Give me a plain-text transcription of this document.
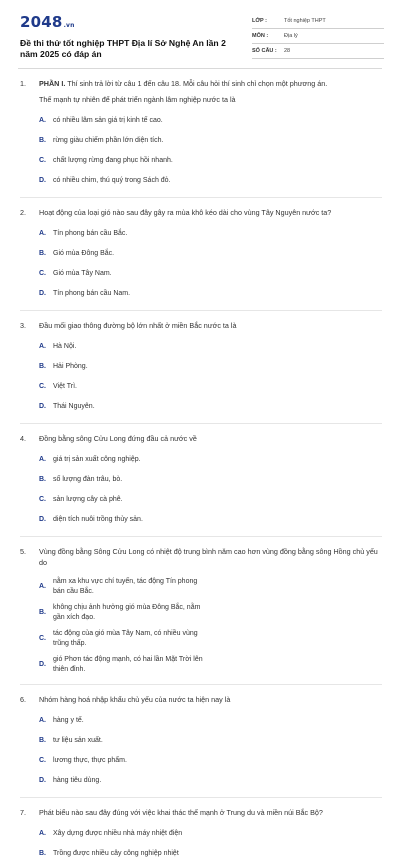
2048.vn
Đề thi thử tốt nghiệp THPT Địa lí Sở Nghệ An lần 2 năm 2025 có đáp án
LỚP :	Tốt nghiệp THPT
MÔN :	Địa lý
SỐ CÂU :	28
1.	PHẦN I. Thí sinh trả lời từ câu 1 đến câu 18. Mỗi câu hỏi thí sinh chỉ chọn một phương án.
Thế mạnh tự nhiên để phát triển ngành lâm nghiệp nước ta là
A.	có nhiều lâm sản giá trị kinh tế cao.
B.	rừng giàu chiếm phần lớn diện tích.
C.	chất lượng rừng đang phục hồi nhanh.
D.	có nhiều chim, thú quý trong Sách đỏ.
2.	Hoạt động của loại gió nào sau đây gây ra mùa khô kéo dài cho vùng Tây Nguyên nước ta?
A.	Tín phong bán cầu Bắc.
B.	Gió mùa Đông Bắc.
C.	Gió mùa Tây Nam.
D.	Tín phong bán cầu Nam.
3.	Đầu mối giao thông đường bộ lớn nhất ở miền Bắc nước ta là
A.	Hà Nội.
B.	Hải Phòng.
C.	Việt Trì.
D.	Thái Nguyên.
4.	Đồng bằng sông Cửu Long đứng đầu cả nước về
A.	giá trị sản xuất công nghiệp.
B.	số lượng đàn trâu, bò.
C.	sản lượng cây cà phê.
D.	diện tích nuôi trồng thủy sản.
5.	Vùng đồng bằng Sông Cửu Long có nhiệt độ trung bình năm cao hơn vùng đồng bằng sông Hồng chủ yếu do
A.
nằm xa khu vực chí tuyến, tác động Tín phong bán cầu Bắc.
B.
không chịu ảnh hưởng gió mùa Đông Bắc, nằm gần xích đạo.
C.
tác động của gió mùa Tây Nam, có nhiều vùng trũng thấp.
D.
gió Phơn tác động mạnh, có hai lần Mặt Trời lên thiên đỉnh.
6.	Nhóm hàng hoá nhập khẩu chủ yếu của nước ta hiện nay là
A.	hàng y tế.
B.	tư liệu sản xuất.
C.	lương thực, thực phẩm.
D.	hàng tiêu dùng.
7.	Phát biểu nào sau đây đúng với việc khai thác thế mạnh ở Trung du và miền núi Bắc Bộ?
A.	Xây dựng được nhiều nhà máy nhiệt điện
B.	Trồng được nhiều cây công nghiệp nhiệt
